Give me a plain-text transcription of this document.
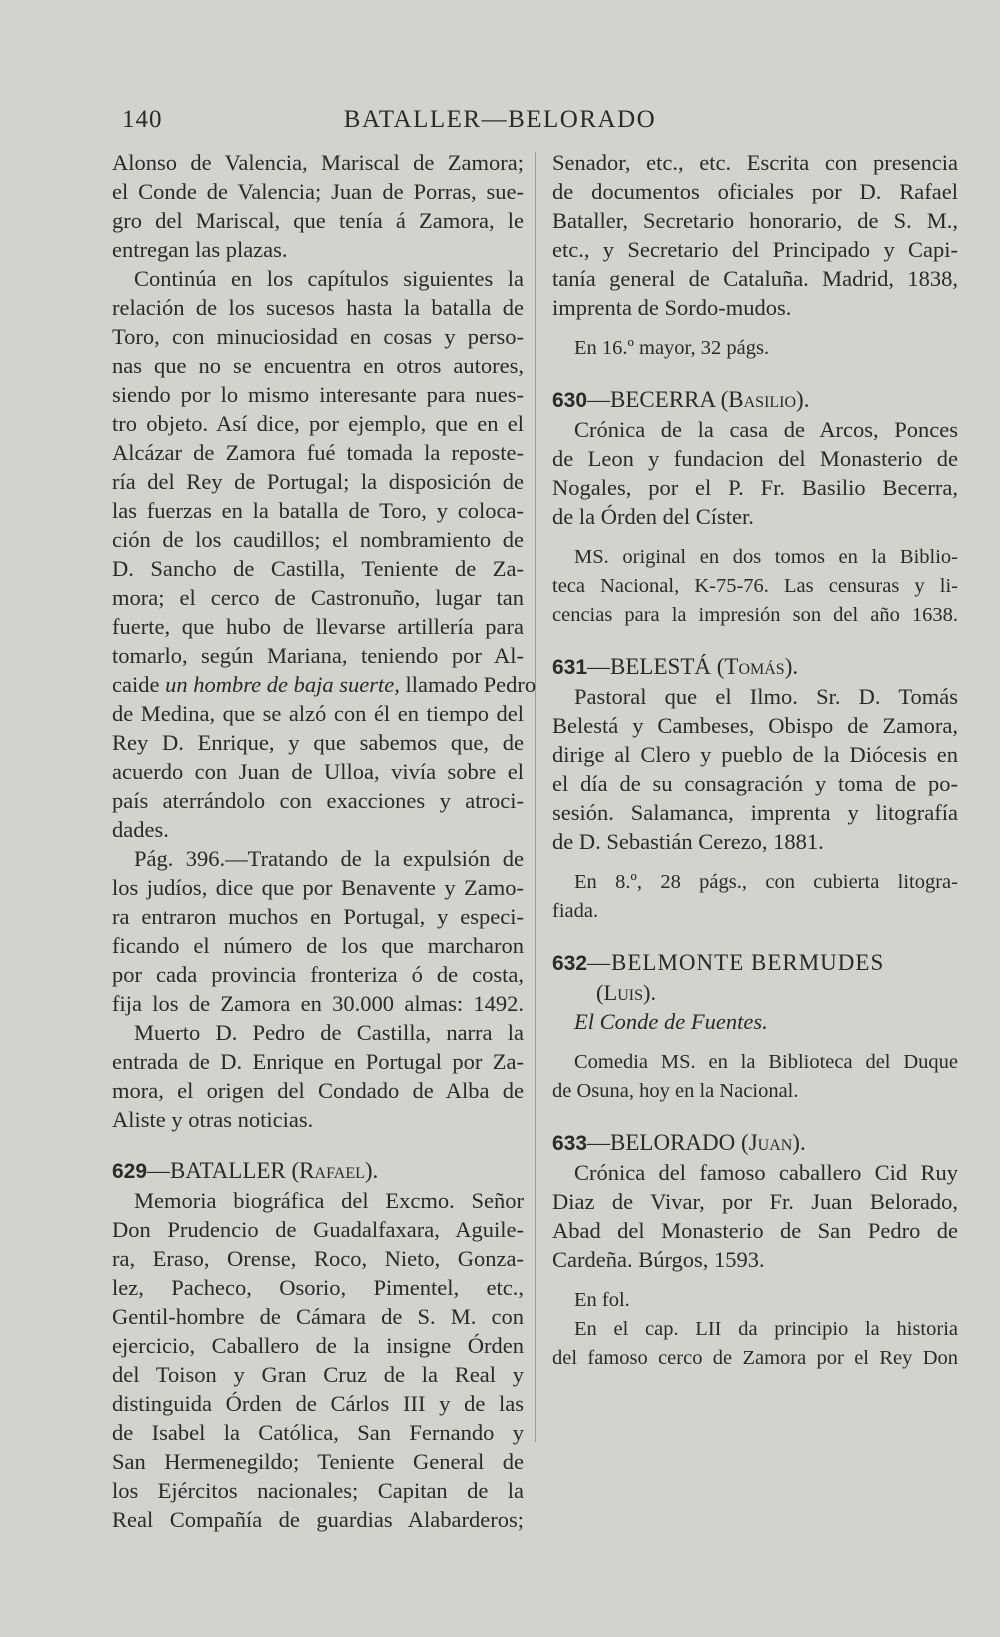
140	BATALLER—BELORADO
Alonso de Valencia, Mariscal de Zamora;
el Conde de Valencia; Juan de Porras, sue-
gro del Mariscal, que tenía á Zamora, le
entregan las plazas.
Continúa en los capítulos siguientes la
relación de los sucesos hasta la batalla de
Toro, con minuciosidad en cosas y perso-
nas que no se encuentra en otros autores,
siendo por lo mismo interesante para nues-
tro objeto. Así dice, por ejemplo, que en el
Alcázar de Zamora fué tomada la reposte-
ría del Rey de Portugal; la disposición de
las fuerzas en la batalla de Toro, y coloca-
ción de los caudillos; el nombramiento de
D. Sancho de Castilla, Teniente de Za-
mora; el cerco de Castronuño, lugar tan
fuerte, que hubo de llevarse artillería para
tomarlo, según Mariana, teniendo por Al-
caide un hombre de baja suerte, llamado Pedro
de Medina, que se alzó con él en tiempo del
Rey D. Enrique, y que sabemos que, de
acuerdo con Juan de Ulloa, vivía sobre el
país aterrándolo con exacciones y atroci-
dades.
Pág. 396.—Tratando de la expulsión de
los judíos, dice que por Benavente y Zamo-
ra entraron muchos en Portugal, y especi-
ficando el número de los que marcharon
por cada provincia fronteriza ó de costa,
fija los de Zamora en 30.000 almas: 1492.
Muerto D. Pedro de Castilla, narra la
entrada de D. Enrique en Portugal por Za-
mora, el origen del Condado de Alba de
Aliste y otras noticias.
629—BATALLER (Rafael).
Memoria biográfica del Excmo. Señor
Don Prudencio de Guadalfaxara, Aguile-
ra, Eraso, Orense, Roco, Nieto, Gonza-
lez, Pacheco, Osorio, Pimentel, etc.,
Gentil-hombre de Cámara de S. M. con
ejercicio, Caballero de la insigne Órden
del Toison y Gran Cruz de la Real y
distinguida Órden de Cárlos III y de las
de Isabel la Católica, San Fernando y
San Hermenegildo; Teniente General de
los Ejércitos nacionales; Capitan de la
Real Compañía de guardias Alabarderos;
Senador, etc., etc. Escrita con presencia
de documentos oficiales por D. Rafael
Bataller, Secretario honorario, de S. M.,
etc., y Secretario del Principado y Capi-
tanía general de Cataluña. Madrid, 1838,
imprenta de Sordo-mudos.
En 16.º mayor, 32 págs.
630—BECERRA (Basilio).
Crónica de la casa de Arcos, Ponces
de Leon y fundacion del Monasterio de
Nogales, por el P. Fr. Basilio Becerra,
de la Órden del Císter.
MS. original en dos tomos en la Biblio-
teca Nacional, K-75-76. Las censuras y li-
cencias para la impresión son del año 1638.
631—BELESTÁ (Tomás).
Pastoral que el Ilmo. Sr. D. Tomás
Belestá y Cambeses, Obispo de Zamora,
dirige al Clero y pueblo de la Diócesis en
el día de su consagración y toma de po-
sesión. Salamanca, imprenta y litografía
de D. Sebastián Cerezo, 1881.
En 8.º, 28 págs., con cubierta litogra-
fiada.
632—BELMONTE BERMUDES
(Luis).
El Conde de Fuentes.
Comedia MS. en la Biblioteca del Duque
de Osuna, hoy en la Nacional.
633—BELORADO (Juan).
Crónica del famoso caballero Cid Ruy
Diaz de Vivar, por Fr. Juan Belorado,
Abad del Monasterio de San Pedro de
Cardeña. Búrgos, 1593.
En fol.
En el cap. LII da principio la historia
del famoso cerco de Zamora por el Rey Don
